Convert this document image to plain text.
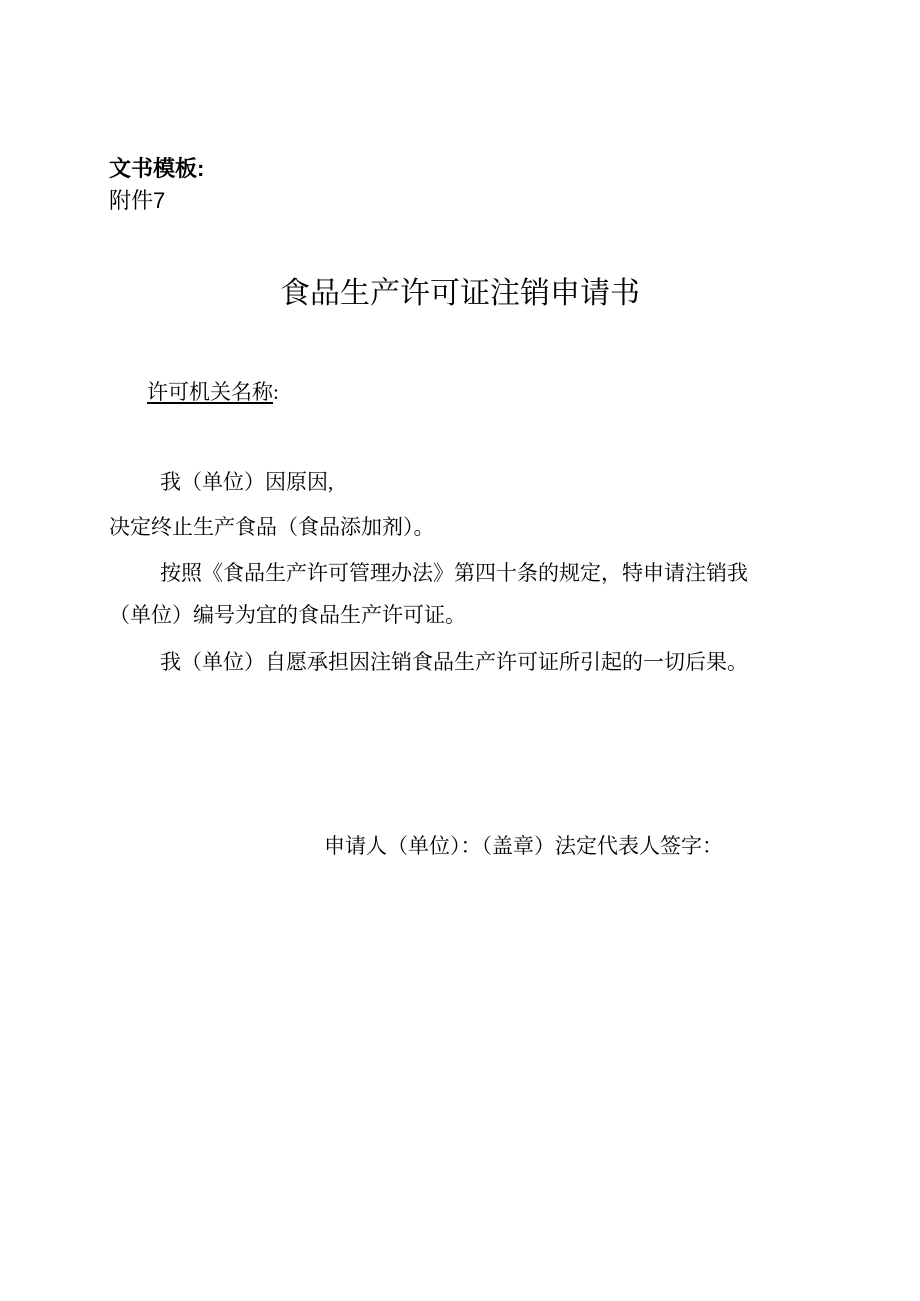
文书模板:
附件7
食品生产许可证注销申请书
许可机关名称:
我（单位）因原因,
决定终止生产食品（食品添加剂）。
按照《食品生产许可管理办法》第四十条的规定，特申请注销我
（单位）编号为宜的食品生产许可证。
我（单位）自愿承担因注销食品生产许可证所引起的一切后果。
申请人（单位）：（盖章）法定代表人签字：
